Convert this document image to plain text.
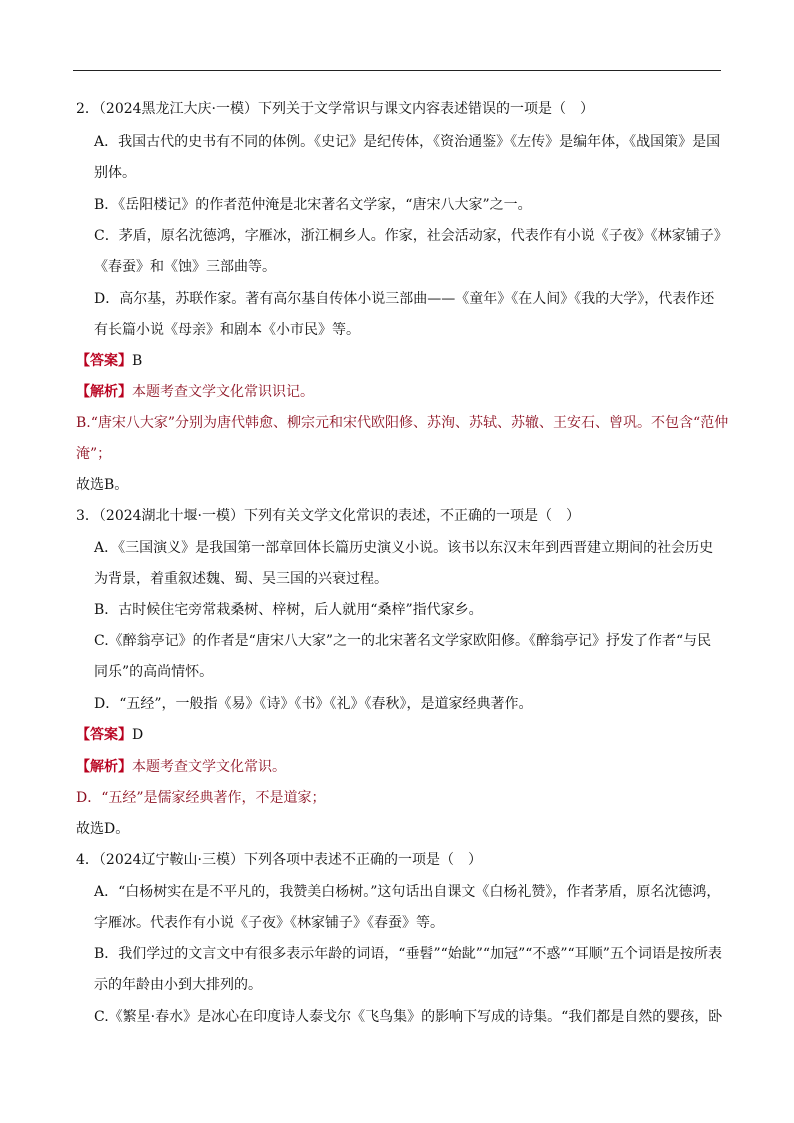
2．（2024黑龙江大庆·一模）下列关于文学常识与课文内容表述错误的一项是（　）
A．我国古代的史书有不同的体例。《史记》是纪传体，《资治通鉴》《左传》是编年体，《战国策》是国
别体。
B．《岳阳楼记》的作者范仲淹是北宋著名文学家，“唐宋八大家”之一。
C．茅盾，原名沈德鸿，字雁冰，浙江桐乡人。作家，社会活动家，代表作有小说《子夜》《林家铺子》
《春蚕》和《蚀》三部曲等。
D．高尔基，苏联作家。著有高尔基自传体小说三部曲——《童年》《在人间》《我的大学》，代表作还
有长篇小说《母亲》和剧本《小市民》等。
【答案】B
【解析】本题考查文学文化常识识记。
B.“唐宋八大家”分别为唐代韩愈、柳宗元和宋代欧阳修、苏洵、苏轼、苏辙、王安石、曾巩。不包含“范仲
淹”；
故选B。
3．（2024湖北十堰·一模）下列有关文学文化常识的表述，不正确的一项是（　）
A．《三国演义》是我国第一部章回体长篇历史演义小说。该书以东汉末年到西晋建立期间的社会历史
为背景，着重叙述魏、蜀、吴三国的兴衰过程。
B．古时候住宅旁常栽桑树、梓树，后人就用“桑梓”指代家乡。
C.《醉翁亭记》的作者是“唐宋八大家”之一的北宋著名文学家欧阳修。《醉翁亭记》抒发了作者“与民
同乐”的高尚情怀。
D．“五经”，一般指《易》《诗》《书》《礼》《春秋》，是道家经典著作。
【答案】D
【解析】本题考查文学文化常识。
D．“五经”是儒家经典著作，不是道家；
故选D。
4．（2024辽宁鞍山·三模）下列各项中表述不正确的一项是（　）
A．“白杨树实在是不平凡的，我赞美白杨树。”这句话出自课文《白杨礼赞》，作者茅盾，原名沈德鸿，
字雁冰。代表作有小说《子夜》《林家铺子》《春蚕》等。
B．我们学过的文言文中有很多表示年龄的词语，“垂髫”“始龀”“加冠”“不惑”“耳顺”五个词语是按所表
示的年龄由小到大排列的。
C.《繁星·春水》是冰心在印度诗人泰戈尔《飞鸟集》的影响下写成的诗集。“我们都是自然的婴孩，卧
